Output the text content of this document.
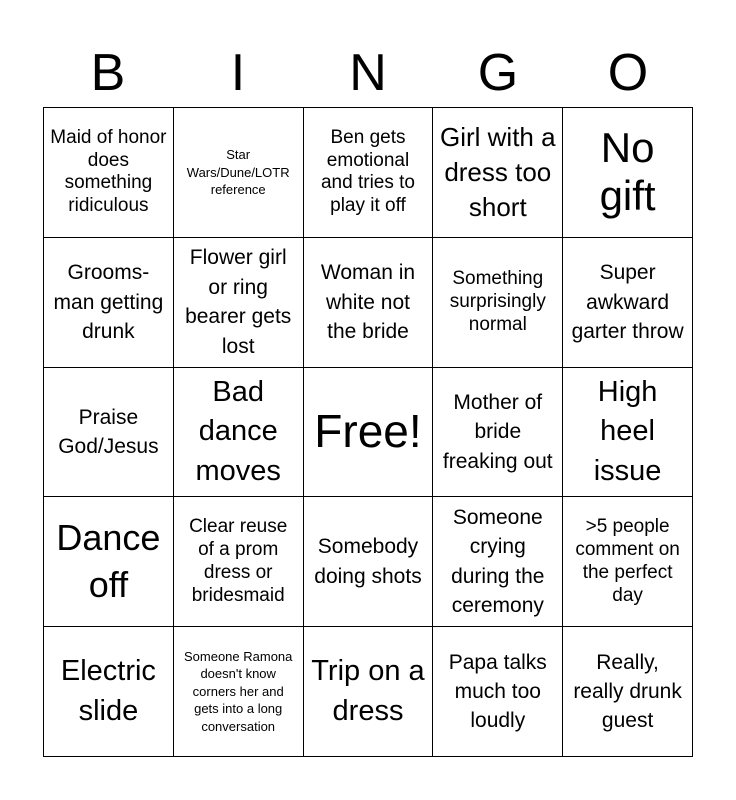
B	I	N	G	O
Maid of honor does something ridiculous
Star Wars/Dune/LOTR reference
Ben gets emotional and tries to play it off
Girl with a dress too short
No gift
Grooms-man getting drunk
Flower girl or ring bearer gets lost
Woman in white not the bride
Something surprisingly normal
Super awkward garter throw
Praise God/Jesus
Bad dance moves
Free!
Mother of bride freaking out
High heel issue
Dance off
Clear reuse of a prom dress or bridesmaid
Somebody doing shots
Someone crying during the ceremony
>5 people comment on the perfect day
Electric slide
Someone Ramona doesn't know corners her and gets into a long conversation
Trip on a dress
Papa talks much too loudly
Really, really drunk guest
